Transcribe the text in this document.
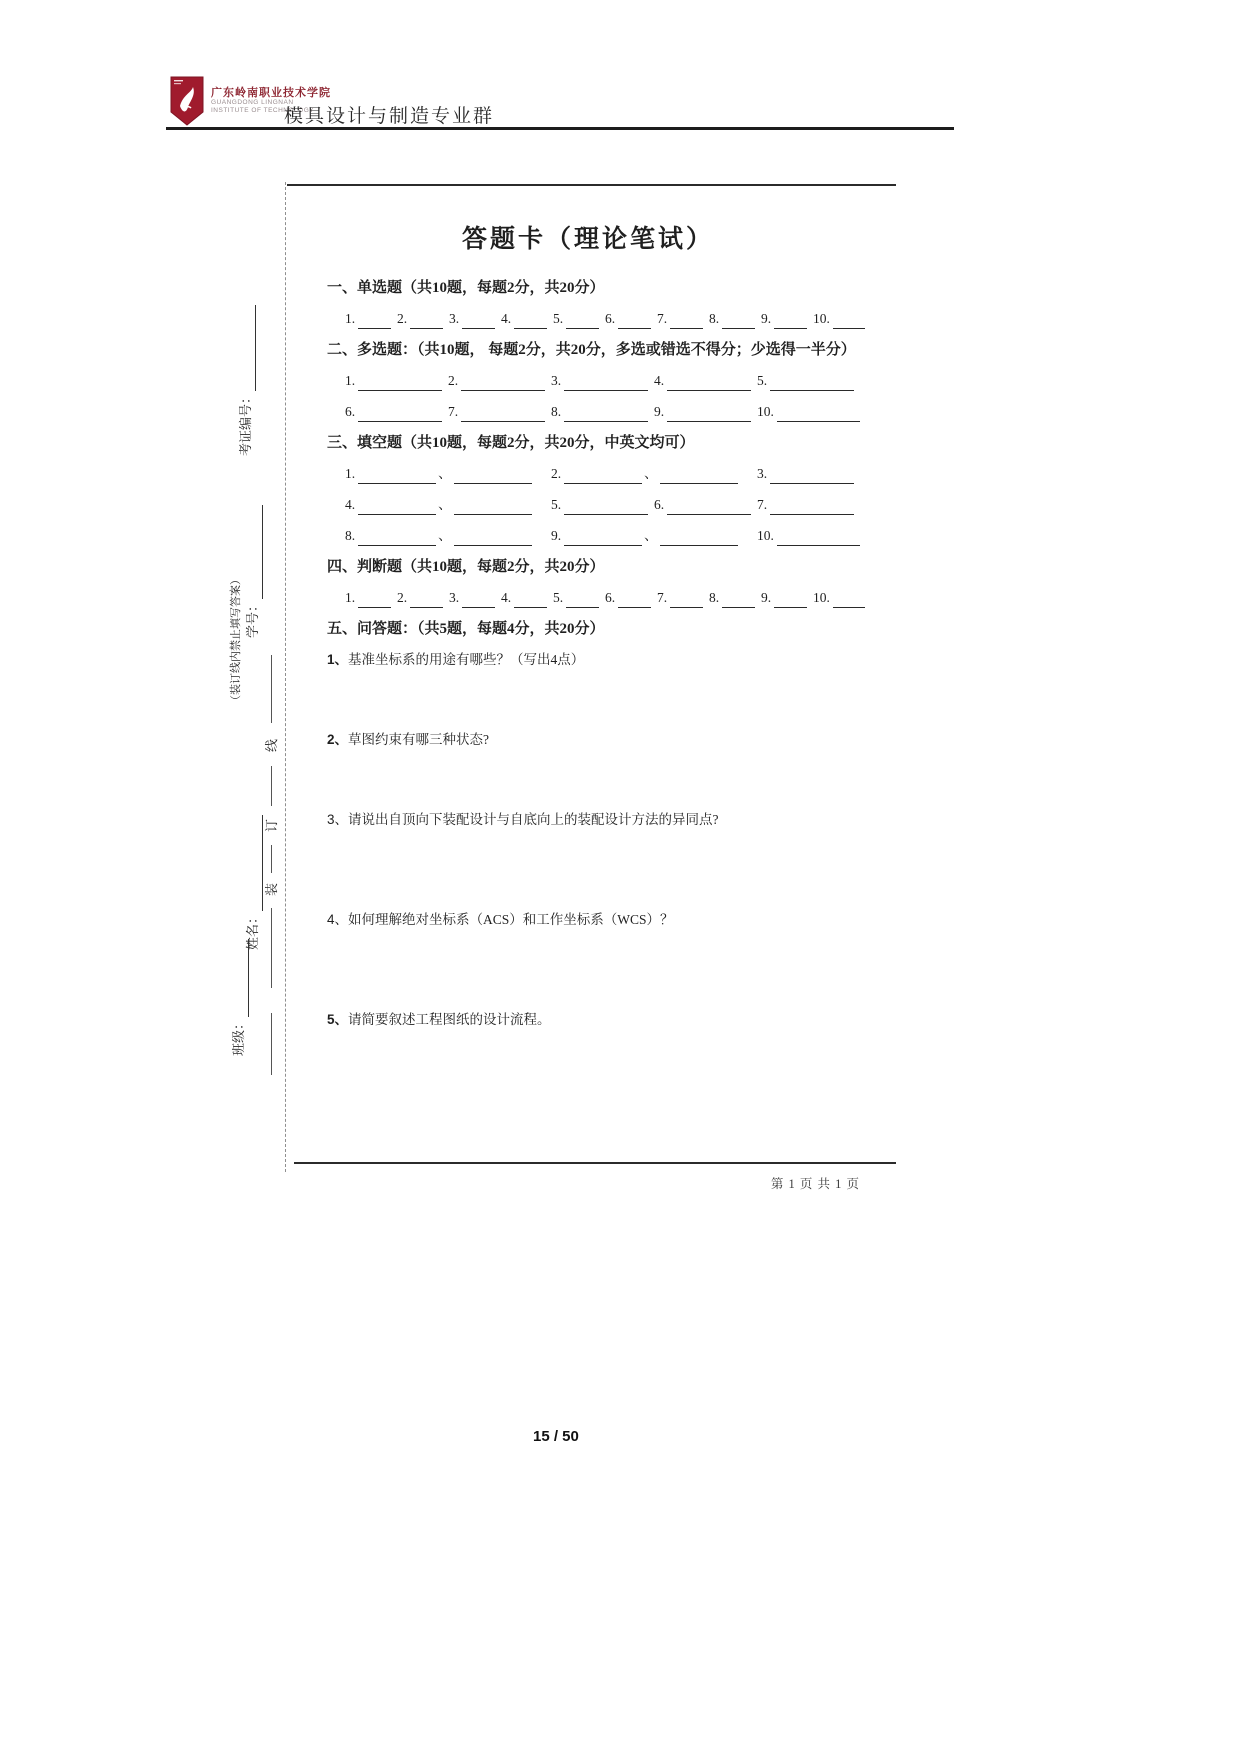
广东岭南职业技术学院
GUANGDONG LINGNAN
INSTITUTE OF TECHNOLOGY
模具设计与制造专业群
考证编号：
学号：
（装订线内禁止填写答案）
线
订
装
姓名：
班级：
答题卡（理论笔试）
一、单选题（共10题，每题2分，共20分）
1.	2.	3.	4.	5.	6.	7.	8.	9.	10.
二、多选题：（共10题， 每题2分，共20分，多选或错选不得分；少选得一半分）
1.	2.	3.	4.	5.
6.	7.	8.	9.	10.
三、填空题（共10题，每题2分，共20分，中英文均可）
1.	、	2.	、	3.
4.	、	5.	6.	7.
8.	、	9.	、	10.
四、判断题（共10题，每题2分，共20分）
1.	2.	3.	4.	5.	6.	7.	8.	9.	10.
五、问答题：（共5题，每题4分，共20分）
1、基准坐标系的用途有哪些？（写出4点）
2、草图约束有哪三种状态?
3、请说出自顶向下装配设计与自底向上的装配设计方法的异同点?
4、如何理解绝对坐标系（ACS）和工作坐标系（WCS）？
5、请简要叙述工程图纸的设计流程。
第 1 页 共 1 页
15 / 50
